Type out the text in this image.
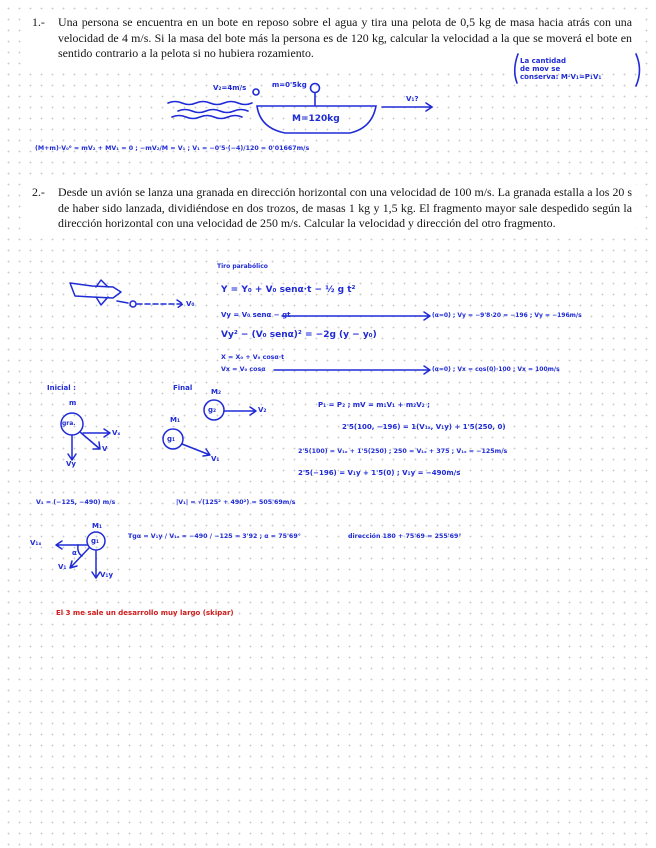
1.- Una persona se encuentra en un bote en reposo sobre el agua y tira una pelota de 0,5 kg de masa hacia atrás con una velocidad de 4 m/s. Si la masa del bote más la persona es de 120 kg, calcular la velocidad a la que se moverá el bote en sentido contrario a la pelota si no hubiera rozamiento.
La cantidad
de mov se
conserva: M·V₁=P₁V₁
V₂=4m/s	m=0'5kg
M=120kg
V₁?
(M+m)·V₀⁰ = mV₂ + MV₁ = 0 ; −mV₂/M = V₁ ; V₁ = −0'5·(−4)/120 = 0'01667m/s
2.- Desde un avión se lanza una granada en dirección horizontal con una velocidad de 100 m/s. La granada estalla a los 20 s de haber sido lanzada, dividiéndose en dos trozos, de masas 1 kg y 1,5 kg. El fragmento mayor sale despedido según la dirección horizontal con una velocidad de 250 m/s. Calcular la velocidad y dirección del otro fragmento.
V₀
Tiro parabólico
Y = Y₀ + V₀ senα·t − ½ g t²
Vy = V₀ senα − gt	(α=0) ; Vy = −9'8·20 = −196 ; Vy = −196m/s
Vy² − (V₀ senα)² = −2g (y − y₀)
X = X₀ + V₀ cosα·t
Vx = V₀ cosα	(α=0) ; Vx = cos(0)·100 ; Vx = 100m/s
Inicial :	Final
m
gra.
Vₓ
Vy
V
M₁
g₁
M₂
g₂	V₂
V₁
P₁ = P₂ ; mV = m₁V₁ + m₂V₂ ;
2'5(100, −196) = 1(V₁ₓ, V₁y) + 1'5(250, 0)
2'5(100) = V₁ₓ + 1'5(250) ; 250 = V₁ₓ + 375 ; V₁ₓ = −125m/s
2'5(−196) = V₁y + 1'5(0) ; V₁y = −490m/s
V₁ = (−125, −490) m/s	|V₁| = √(125² + 490²) = 505'69m/s
M₁
g₁
V₁ₓ
V₁
α
V₁y
Tgα = V₁y / V₁ₓ = −490 / −125 = 3'92 ; α = 75'69°	dirección 180 + 75'69 = 255'69°
El 3 me sale un desarrollo muy largo (skipar)
